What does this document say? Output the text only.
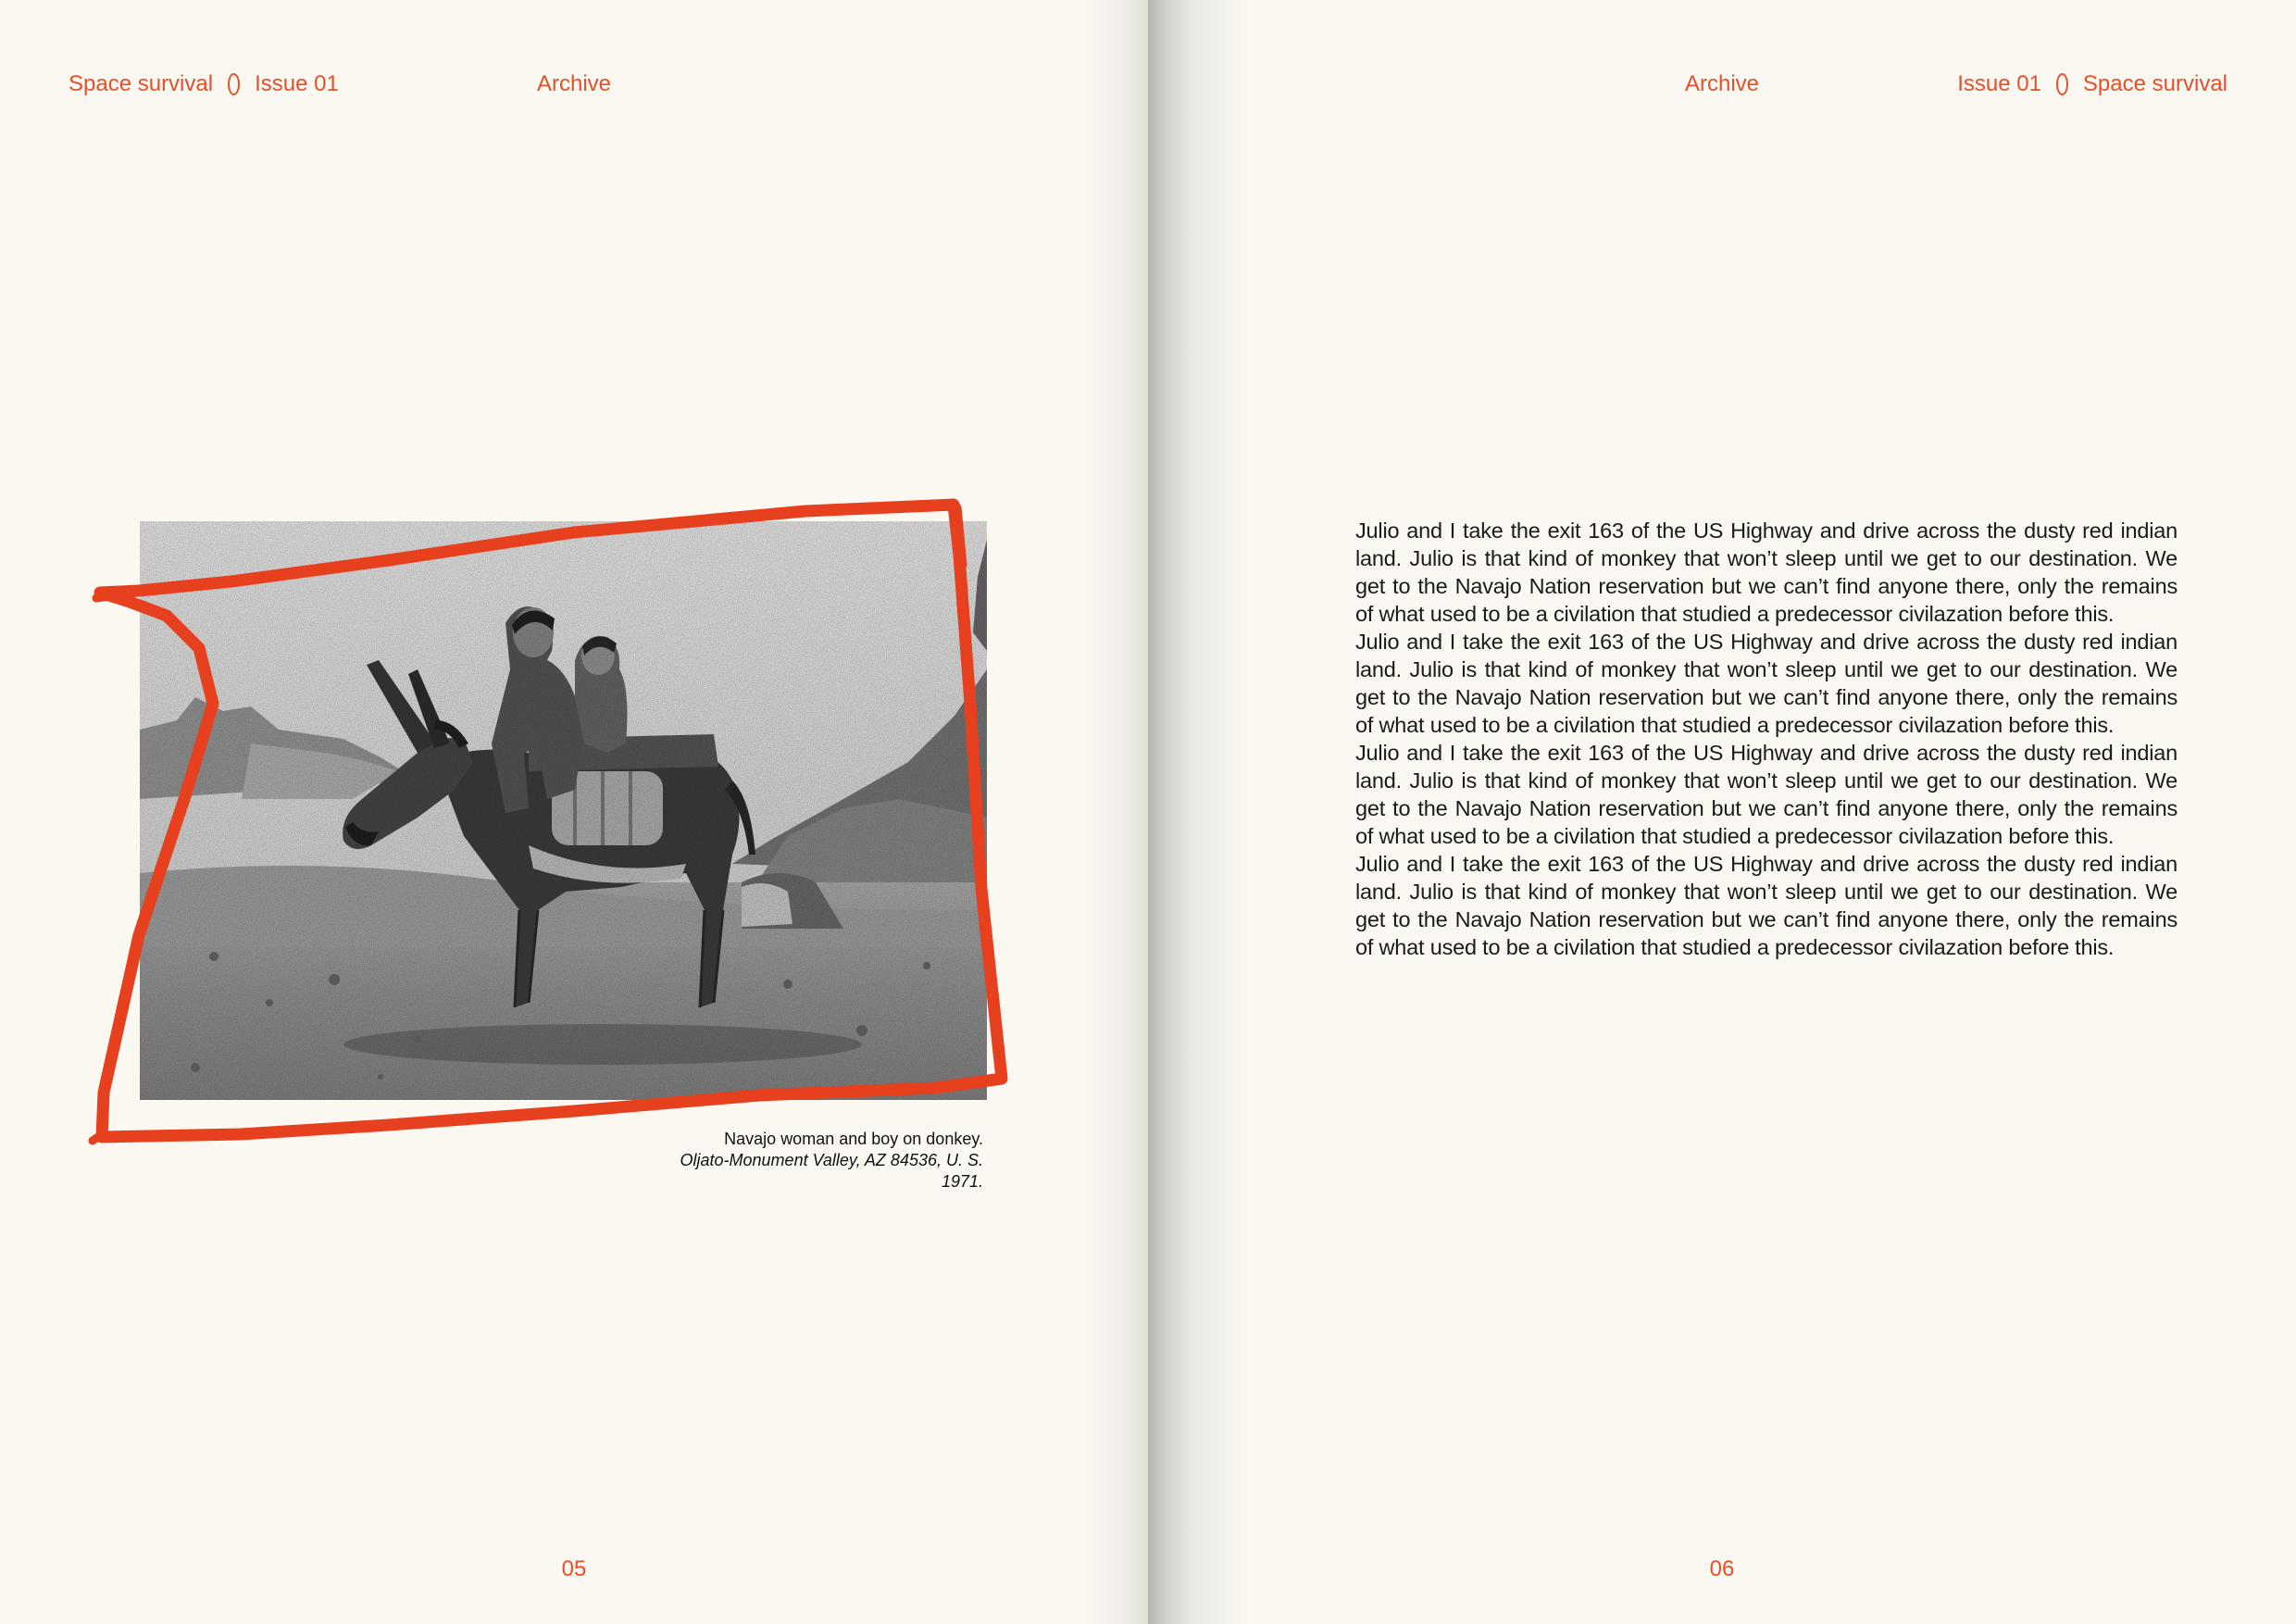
Space survival Issue 01	Archive
Navajo woman and boy on donkey.
Oljato-Monument Valley, AZ 84536, U. S.
1971.
05
Archive	Issue 01 Space survival

Julio and I take the exit 163 of the US Highway and drive across the dusty red indian land. Julio is that kind of monkey that won’t sleep until we get to our destination. We get to the Navajo Nation reservation but we can’t find anyone there, only the remains of what used to be a civilation that studied a predecessor civilazation before this.

Julio and I take the exit 163 of the US Highway and drive across the dusty red indian land. Julio is that kind of monkey that won’t sleep until we get to our destination. We get to the Navajo Nation reservation but we can’t find anyone there, only the remains of what used to be a civilation that studied a predecessor civilazation before this.

Julio and I take the exit 163 of the US Highway and drive across the dusty red indian land. Julio is that kind of monkey that won’t sleep until we get to our destination. We get to the Navajo Nation reservation but we can’t find anyone there, only the remains of what used to be a civilation that studied a predecessor civilazation before this.

Julio and I take the exit 163 of the US Highway and drive across the dusty red indian land. Julio is that kind of monkey that won’t sleep until we get to our destination. We get to the Navajo Nation reservation but we can’t find anyone there, only the remains of what used to be a civilation that studied a predecessor civilazation before this.

06
